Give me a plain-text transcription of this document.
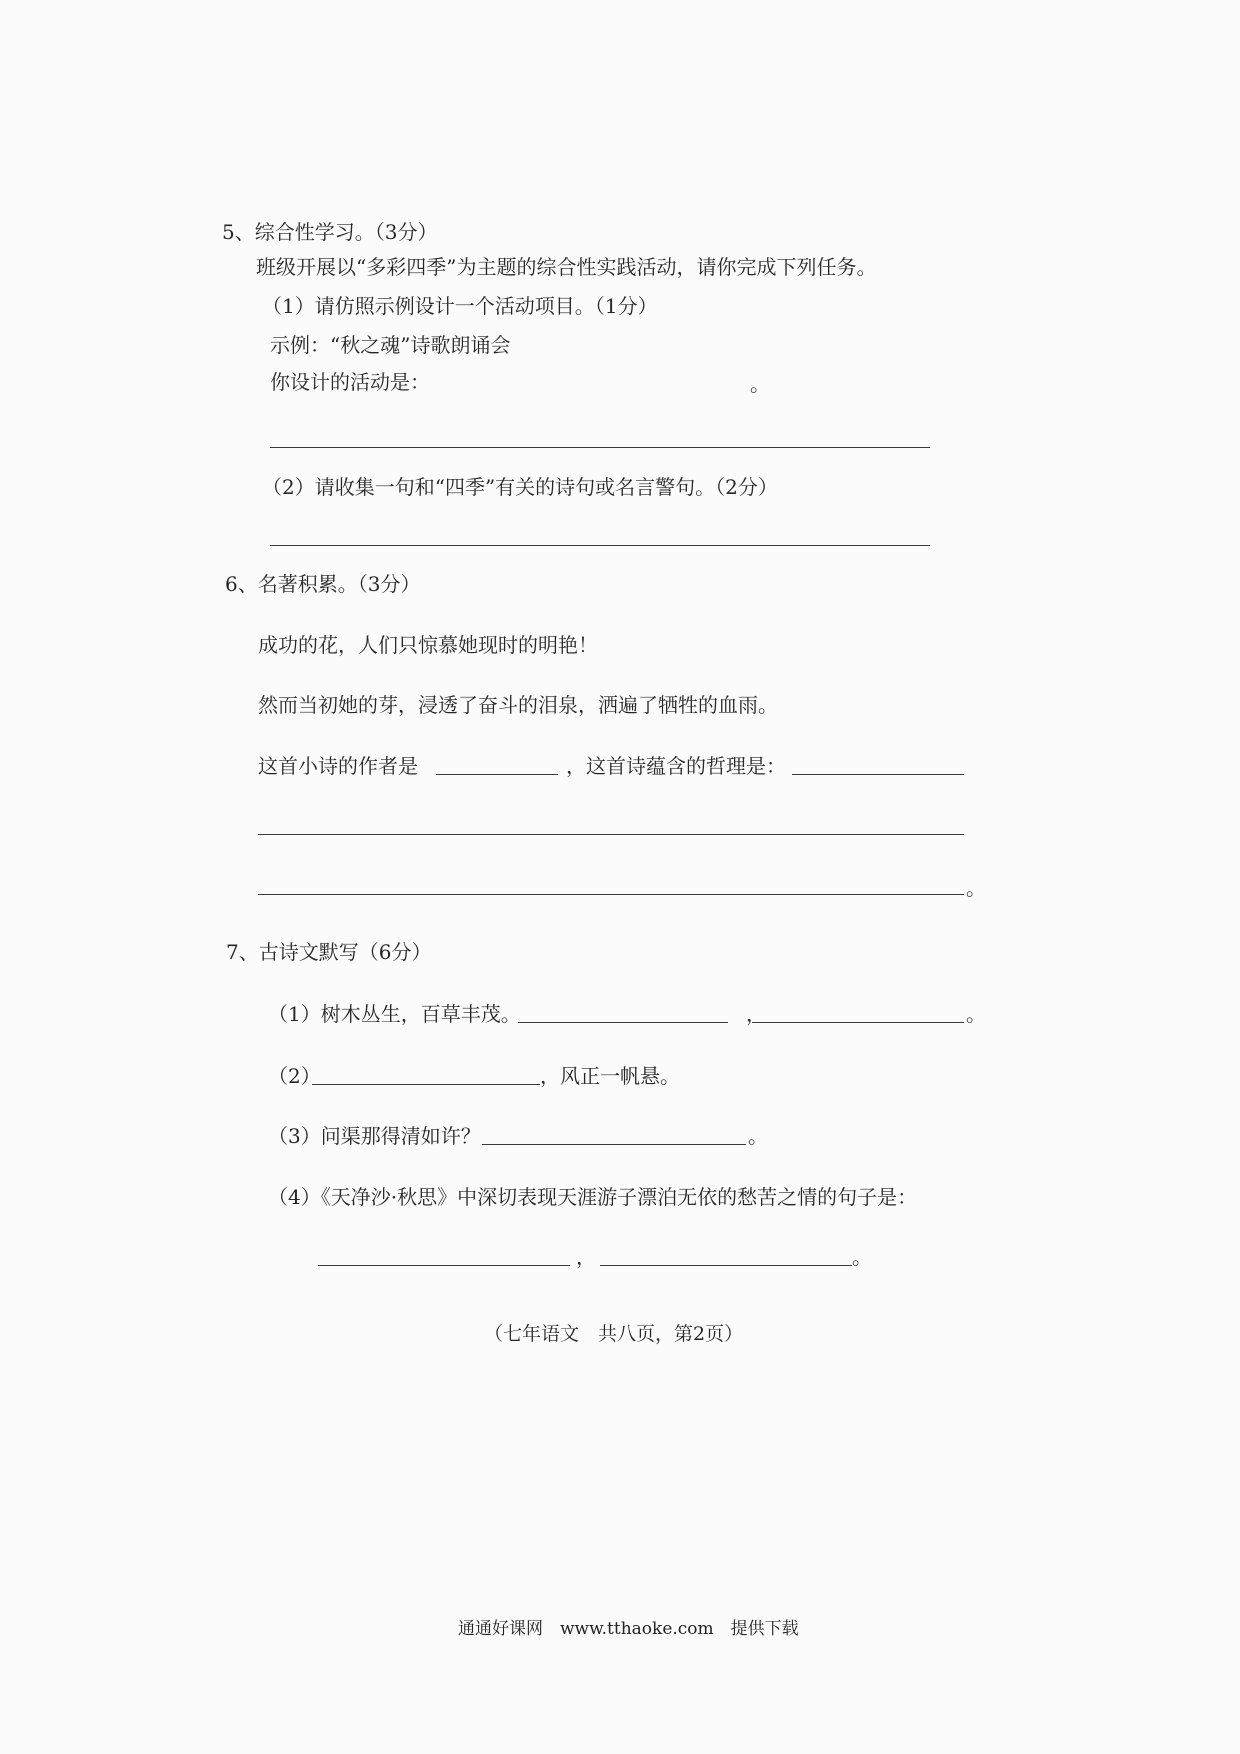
5、综合性学习。（3分）
班级开展以“多彩四季”为主题的综合性实践活动，请你完成下列任务。
（1）请仿照示例设计一个活动项目。（1分）
示例：“秋之魂”诗歌朗诵会
你设计的活动是：	。
（2）请收集一句和“四季”有关的诗句或名言警句。（2分）
6、名著积累。（3分）
成功的花，人们只惊慕她现时的明艳！
然而当初她的芽，浸透了奋斗的泪泉，洒遍了牺牲的血雨。
这首小诗的作者是	，这首诗蕴含的哲理是：
。
7、古诗文默写（6分）
（1）树木丛生，百草丰茂。	，	。
（2）	，风正一帆悬。
（3）问渠那得清如许？	。
（4）《天净沙·秋思》中深切表现天涯游子漂泊无依的愁苦之情的句子是：
，	。
（七年语文　共八页，第2页）
通通好课网　www.tthaoke.com　提供下载
